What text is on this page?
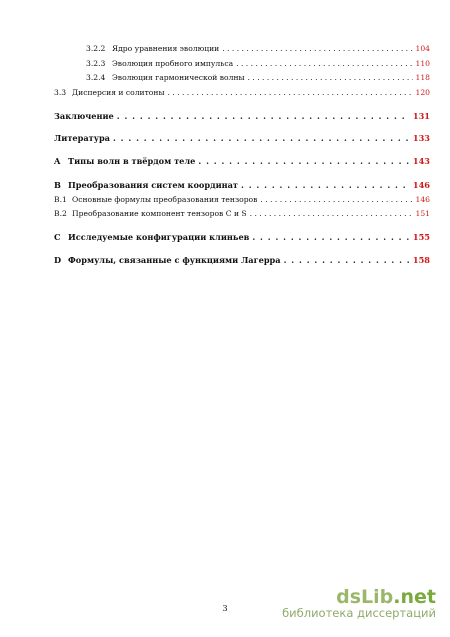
3.2.2 Ядро уравнения эволюции . . .	104
3.2.3 Эволюция пробного импульса . . .	110
3.2.4 Эволюция гармонической волны . . .	118
3.3 Дисперсия и солитоны . . .	120
Заключение . . .	131
Литература . . .	133
A Типы волн в твёрдом теле . . .	143
B Преобразования систем координат . . .	146
B.1 Основные формулы преобразования тензоров . . .	146
B.2 Преобразование компонент тензоров C и S . . .	151
C Исследуемые конфигурации клиньев . . .	155
D Формулы, связанные с функциями Лагерра . . .	158
3
dsLib.net
библиотека диссертаций
